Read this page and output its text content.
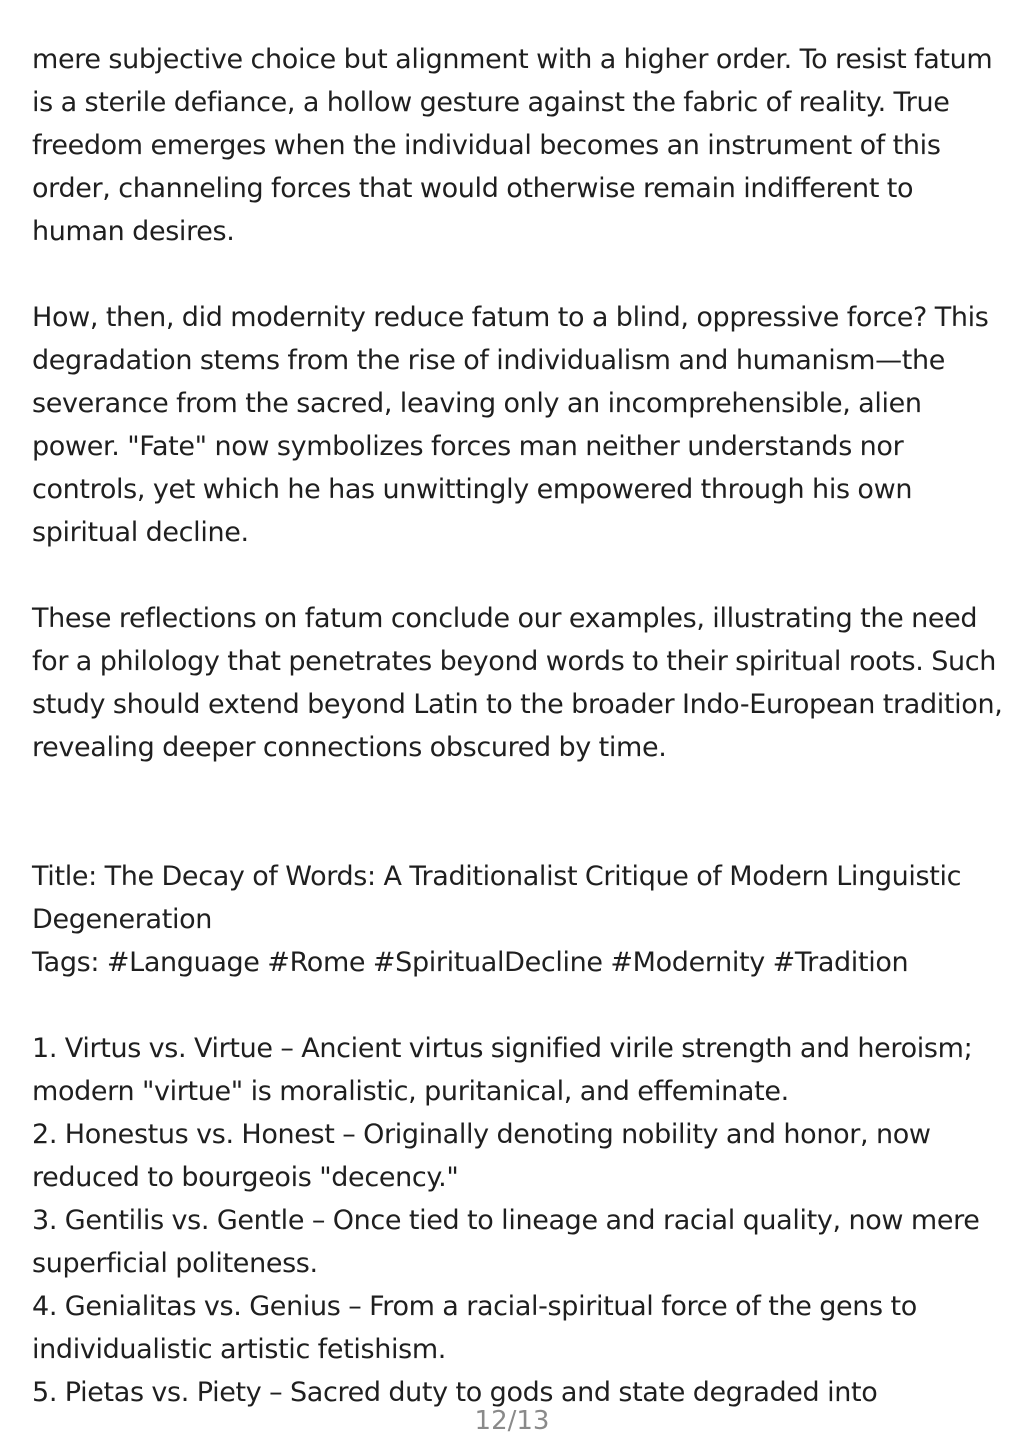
mere subjective choice but alignment with a higher order. To resist fatum is a sterile defiance, a hollow gesture against the fabric of reality. True freedom emerges when the individual becomes an instrument of this order, channeling forces that would otherwise remain indifferent to human desires.

How, then, did modernity reduce fatum to a blind, oppressive force? This degradation stems from the rise of individualism and humanism—the severance from the sacred, leaving only an incomprehensible, alien power. "Fate" now symbolizes forces man neither understands nor controls, yet which he has unwittingly empowered through his own spiritual decline.

These reflections on fatum conclude our examples, illustrating the need for a philology that penetrates beyond words to their spiritual roots. Such study should extend beyond Latin to the broader Indo-European tradition, revealing deeper connections obscured by time.

Title: The Decay of Words: A Traditionalist Critique of Modern Linguistic Degeneration

Tags: #Language #Rome #SpiritualDecline #Modernity #Tradition

1. Virtus vs. Virtue – Ancient virtus signified virile strength and heroism; modern "virtue" is moralistic, puritanical, and effeminate.

2. Honestus vs. Honest – Originally denoting nobility and honor, now reduced to bourgeois "decency."

3. Gentilis vs. Gentle – Once tied to lineage and racial quality, now mere superficial politeness.

4. Genialitas vs. Genius – From a racial-spiritual force of the gens to individualistic artistic fetishism.

5. Pietas vs. Piety – Sacred duty to gods and state degraded into

12/13
